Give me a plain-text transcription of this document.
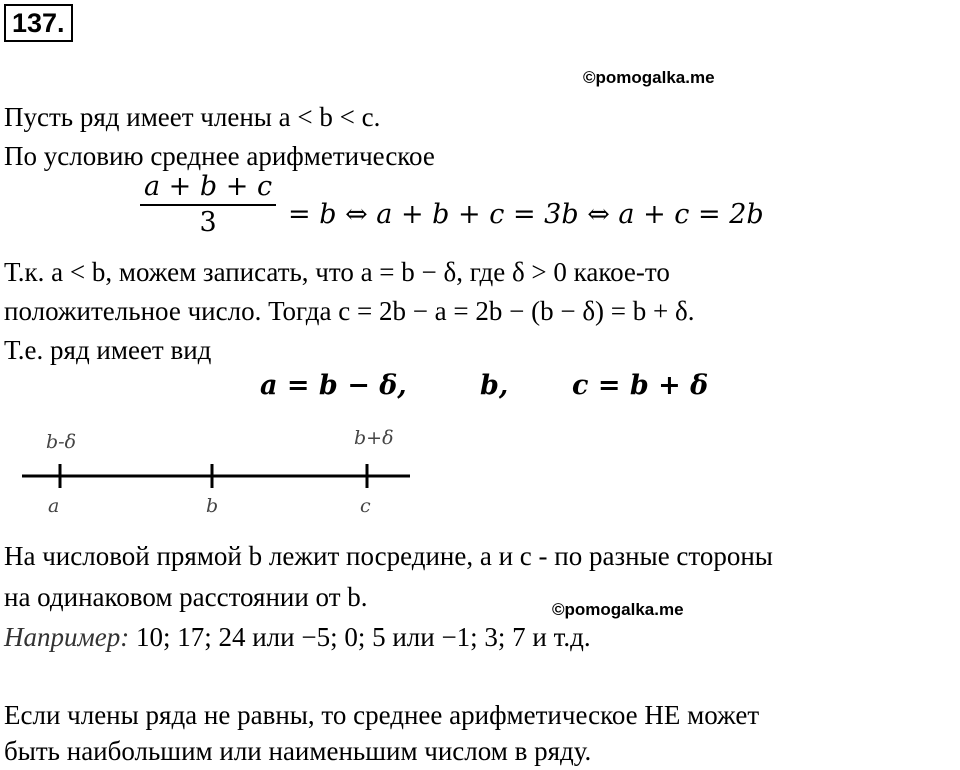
137.
©pomogalka.me
Пусть ряд имеет члены a < b < c.
По условию среднее арифметическое
a + b + c
3	= b ⇔ a + b + c = 3b ⇔ a + c = 2b
Т.к. a < b, можем записать, что a = b − δ, где δ > 0 какое-то
положительное число. Тогда c = 2b − a = 2b − (b − δ) = b + δ.
Т.е. ряд имеет вид
a = b − δ,	b, c = b + δ
b-δ	b+δ
a	b	c
На числовой прямой b лежит посредине, a и c - по разные стороны
на одинаковом расстоянии от b.	©pomogalka.me
Например: 10; 17; 24 или −5; 0; 5 или −1; 3; 7 и т.д.
Если члены ряда не равны, то среднее арифметическое НЕ может
быть наибольшим или наименьшим числом в ряду.
